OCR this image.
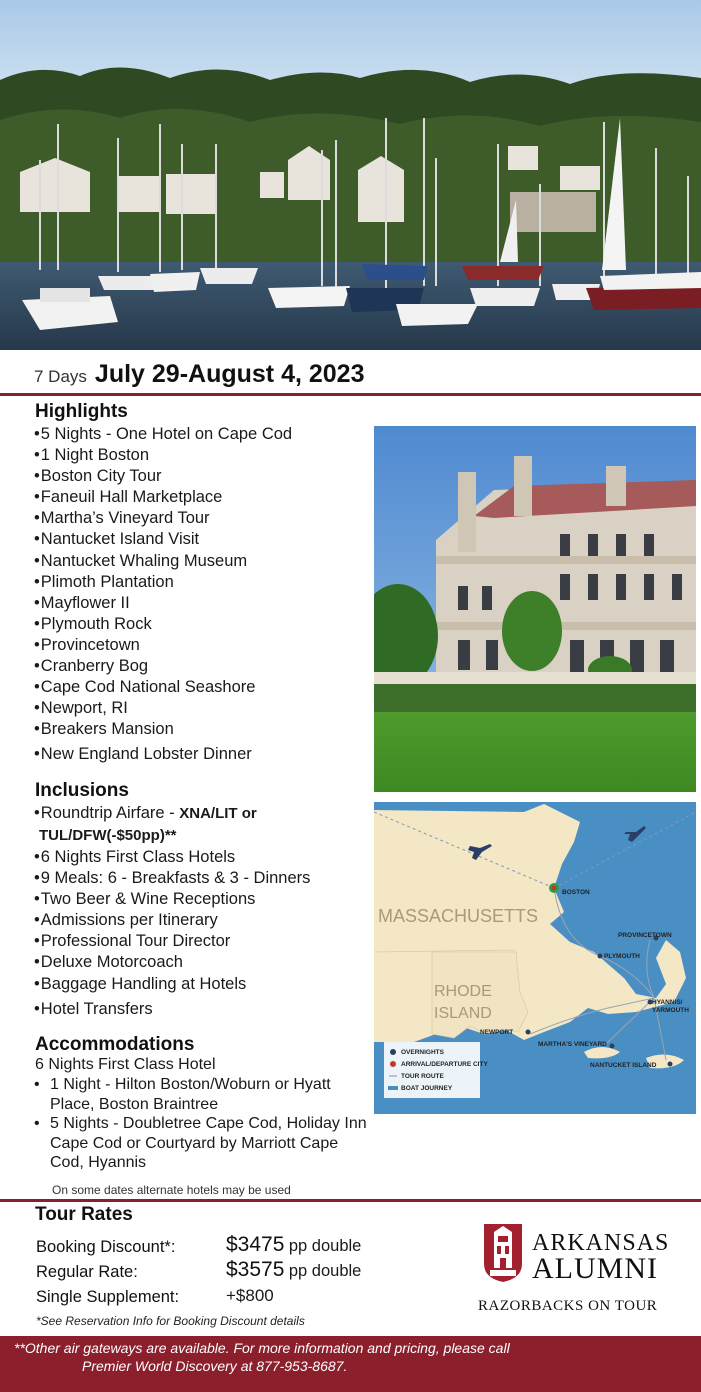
7 Days July 29-August 4, 2023
Highlights
• 5 Nights - One Hotel on Cape Cod
• 1 Night Boston
• Boston City Tour
• Faneuil Hall Marketplace
• Martha’s Vineyard Tour
• Nantucket Island Visit
• Nantucket Whaling Museum
• Plimoth Plantation
• Mayflower II
• Plymouth Rock
• Provincetown
• Cranberry Bog
• Cape Cod National Seashore
• Newport, RI
• Breakers Mansion
• New England Lobster Dinner
Inclusions
• Roundtrip Airfare - XNA/LIT or
TUL/DFW(-$50pp)**
• 6 Nights First Class Hotels
• 9 Meals: 6 - Breakfasts & 3 - Dinners
• Two Beer & Wine Receptions
• Admissions per Itinerary
• Professional Tour Director
• Deluxe Motorcoach
• Baggage Handling at Hotels
• Hotel Transfers
Accommodations
6 Nights First Class Hotel
• 1 Night - Hilton Boston/Woburn or Hyatt Place, Boston Braintree
• 5 Nights - Doubletree Cape Cod, Holiday Inn Cape Cod or Courtyard by Marriott Cape Cod, Hyannis
On some dates alternate hotels may be used
MASSACHUSETTS
RHODE
ISLAND
BOSTON
PROVINCETOWN
PLYMOUTH
HYANNIS/
YARMOUTH
NEWPORT
MARTHA'S VINEYARD
NANTUCKET ISLAND
OVERNIGHTS
ARRIVAL/DEPARTURE CITY
TOUR ROUTE
BOAT JOURNEY
Tour Rates
Booking Discount*: $3475 pp double
Regular Rate:	$3575 pp double
Single Supplement:	+$800
*See Reservation Info for Booking Discount details
ARKANSAS
ALUMNI
RAZORBACKS ON TOUR
**Other air gateways are available. For more information and pricing, please call
Premier World Discovery at 877-953-8687.
